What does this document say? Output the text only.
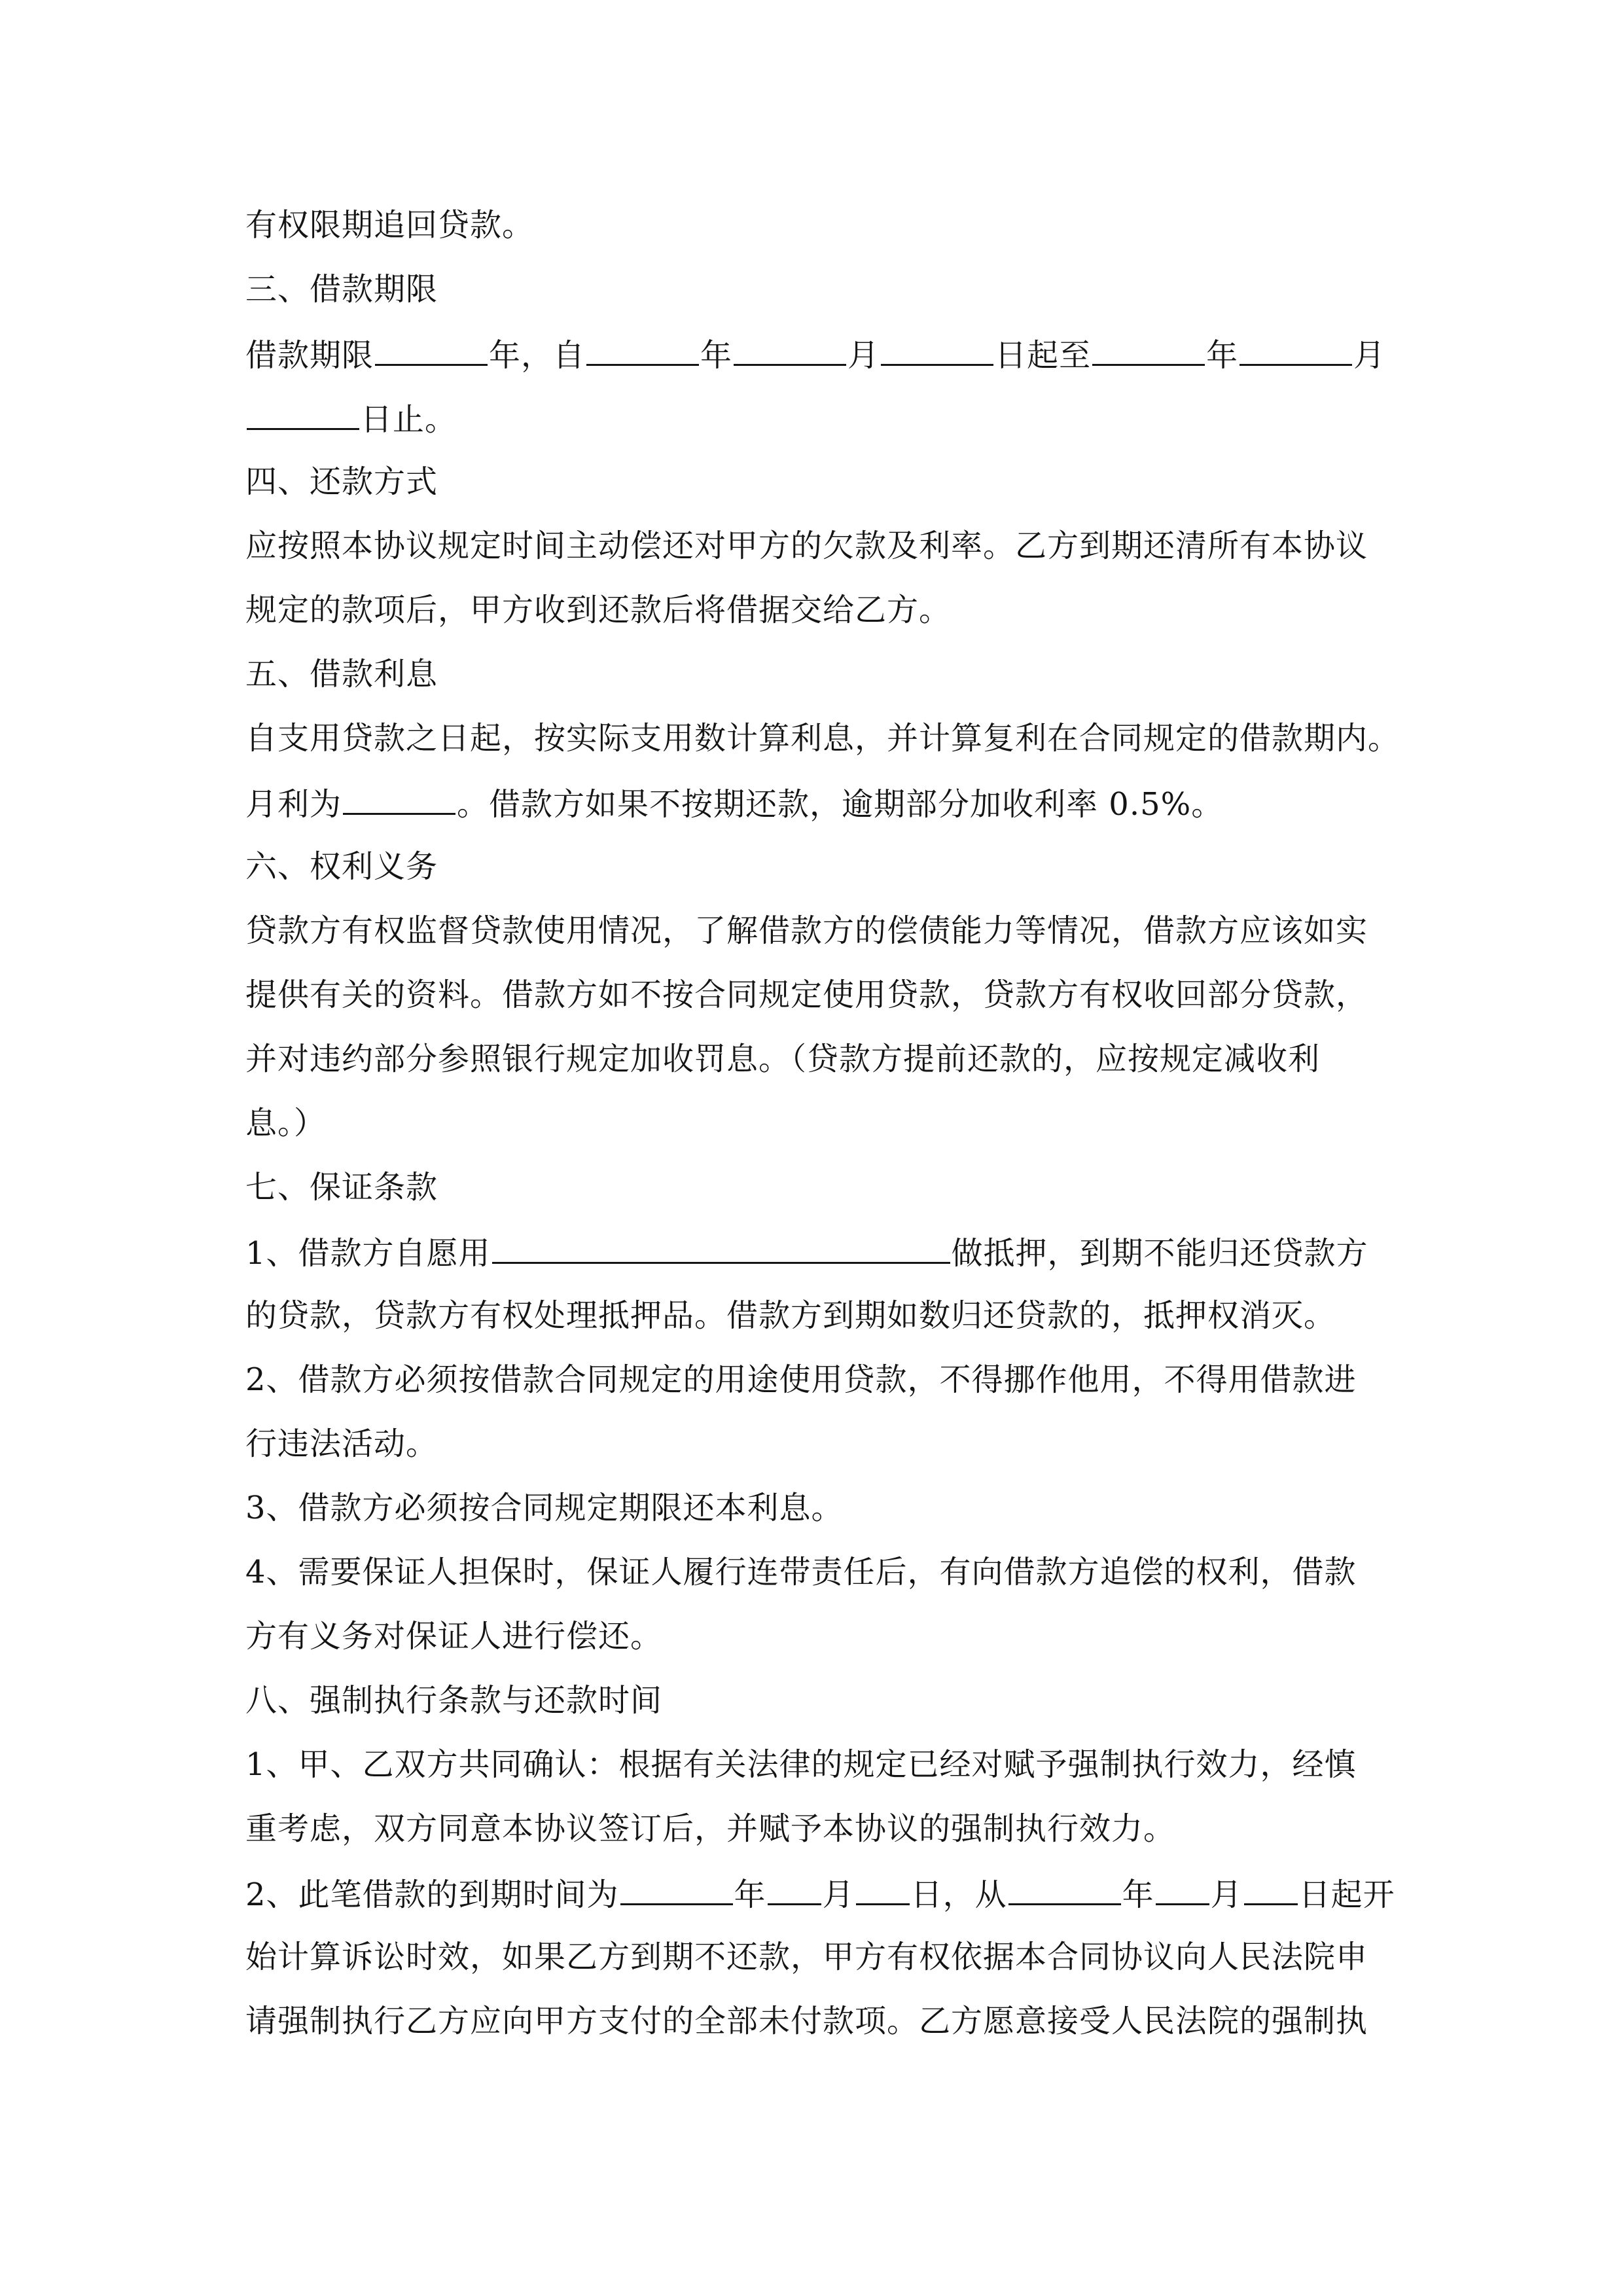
有权限期追回贷款。
三、借款期限
借款期限	年，自	年	月	日起至	年	月
日止。
四、还款方式
应按照本协议规定时间主动偿还对甲方的欠款及利率。乙方到期还清所有本协议
规定的款项后，甲方收到还款后将借据交给乙方。
五、借款利息
自支用贷款之日起，按实际支用数计算利息，并计算复利在合同规定的借款期内。
月利为	。借款方如果不按期还款，逾期部分加收利率 0.5%。
六、权利义务
贷款方有权监督贷款使用情况，了解借款方的偿债能力等情况，借款方应该如实
提供有关的资料。借款方如不按合同规定使用贷款，贷款方有权收回部分贷款，
并对违约部分参照银行规定加收罚息。（贷款方提前还款的，应按规定减收利
息。）
七、保证条款
1、借款方自愿用	做抵押，到期不能归还贷款方
的贷款，贷款方有权处理抵押品。借款方到期如数归还贷款的，抵押权消灭。
2、借款方必须按借款合同规定的用途使用贷款，不得挪作他用，不得用借款进
行违法活动。
3、借款方必须按合同规定期限还本利息。
4、需要保证人担保时，保证人履行连带责任后，有向借款方追偿的权利，借款
方有义务对保证人进行偿还。
八、强制执行条款与还款时间
1、甲、乙双方共同确认：根据有关法律的规定已经对赋予强制执行效力，经慎
重考虑，双方同意本协议签订后，并赋予本协议的强制执行效力。
2、此笔借款的到期时间为	年 月 日，从	年 月 日起开
始计算诉讼时效，如果乙方到期不还款，甲方有权依据本合同协议向人民法院申
请强制执行乙方应向甲方支付的全部未付款项。乙方愿意接受人民法院的强制执
